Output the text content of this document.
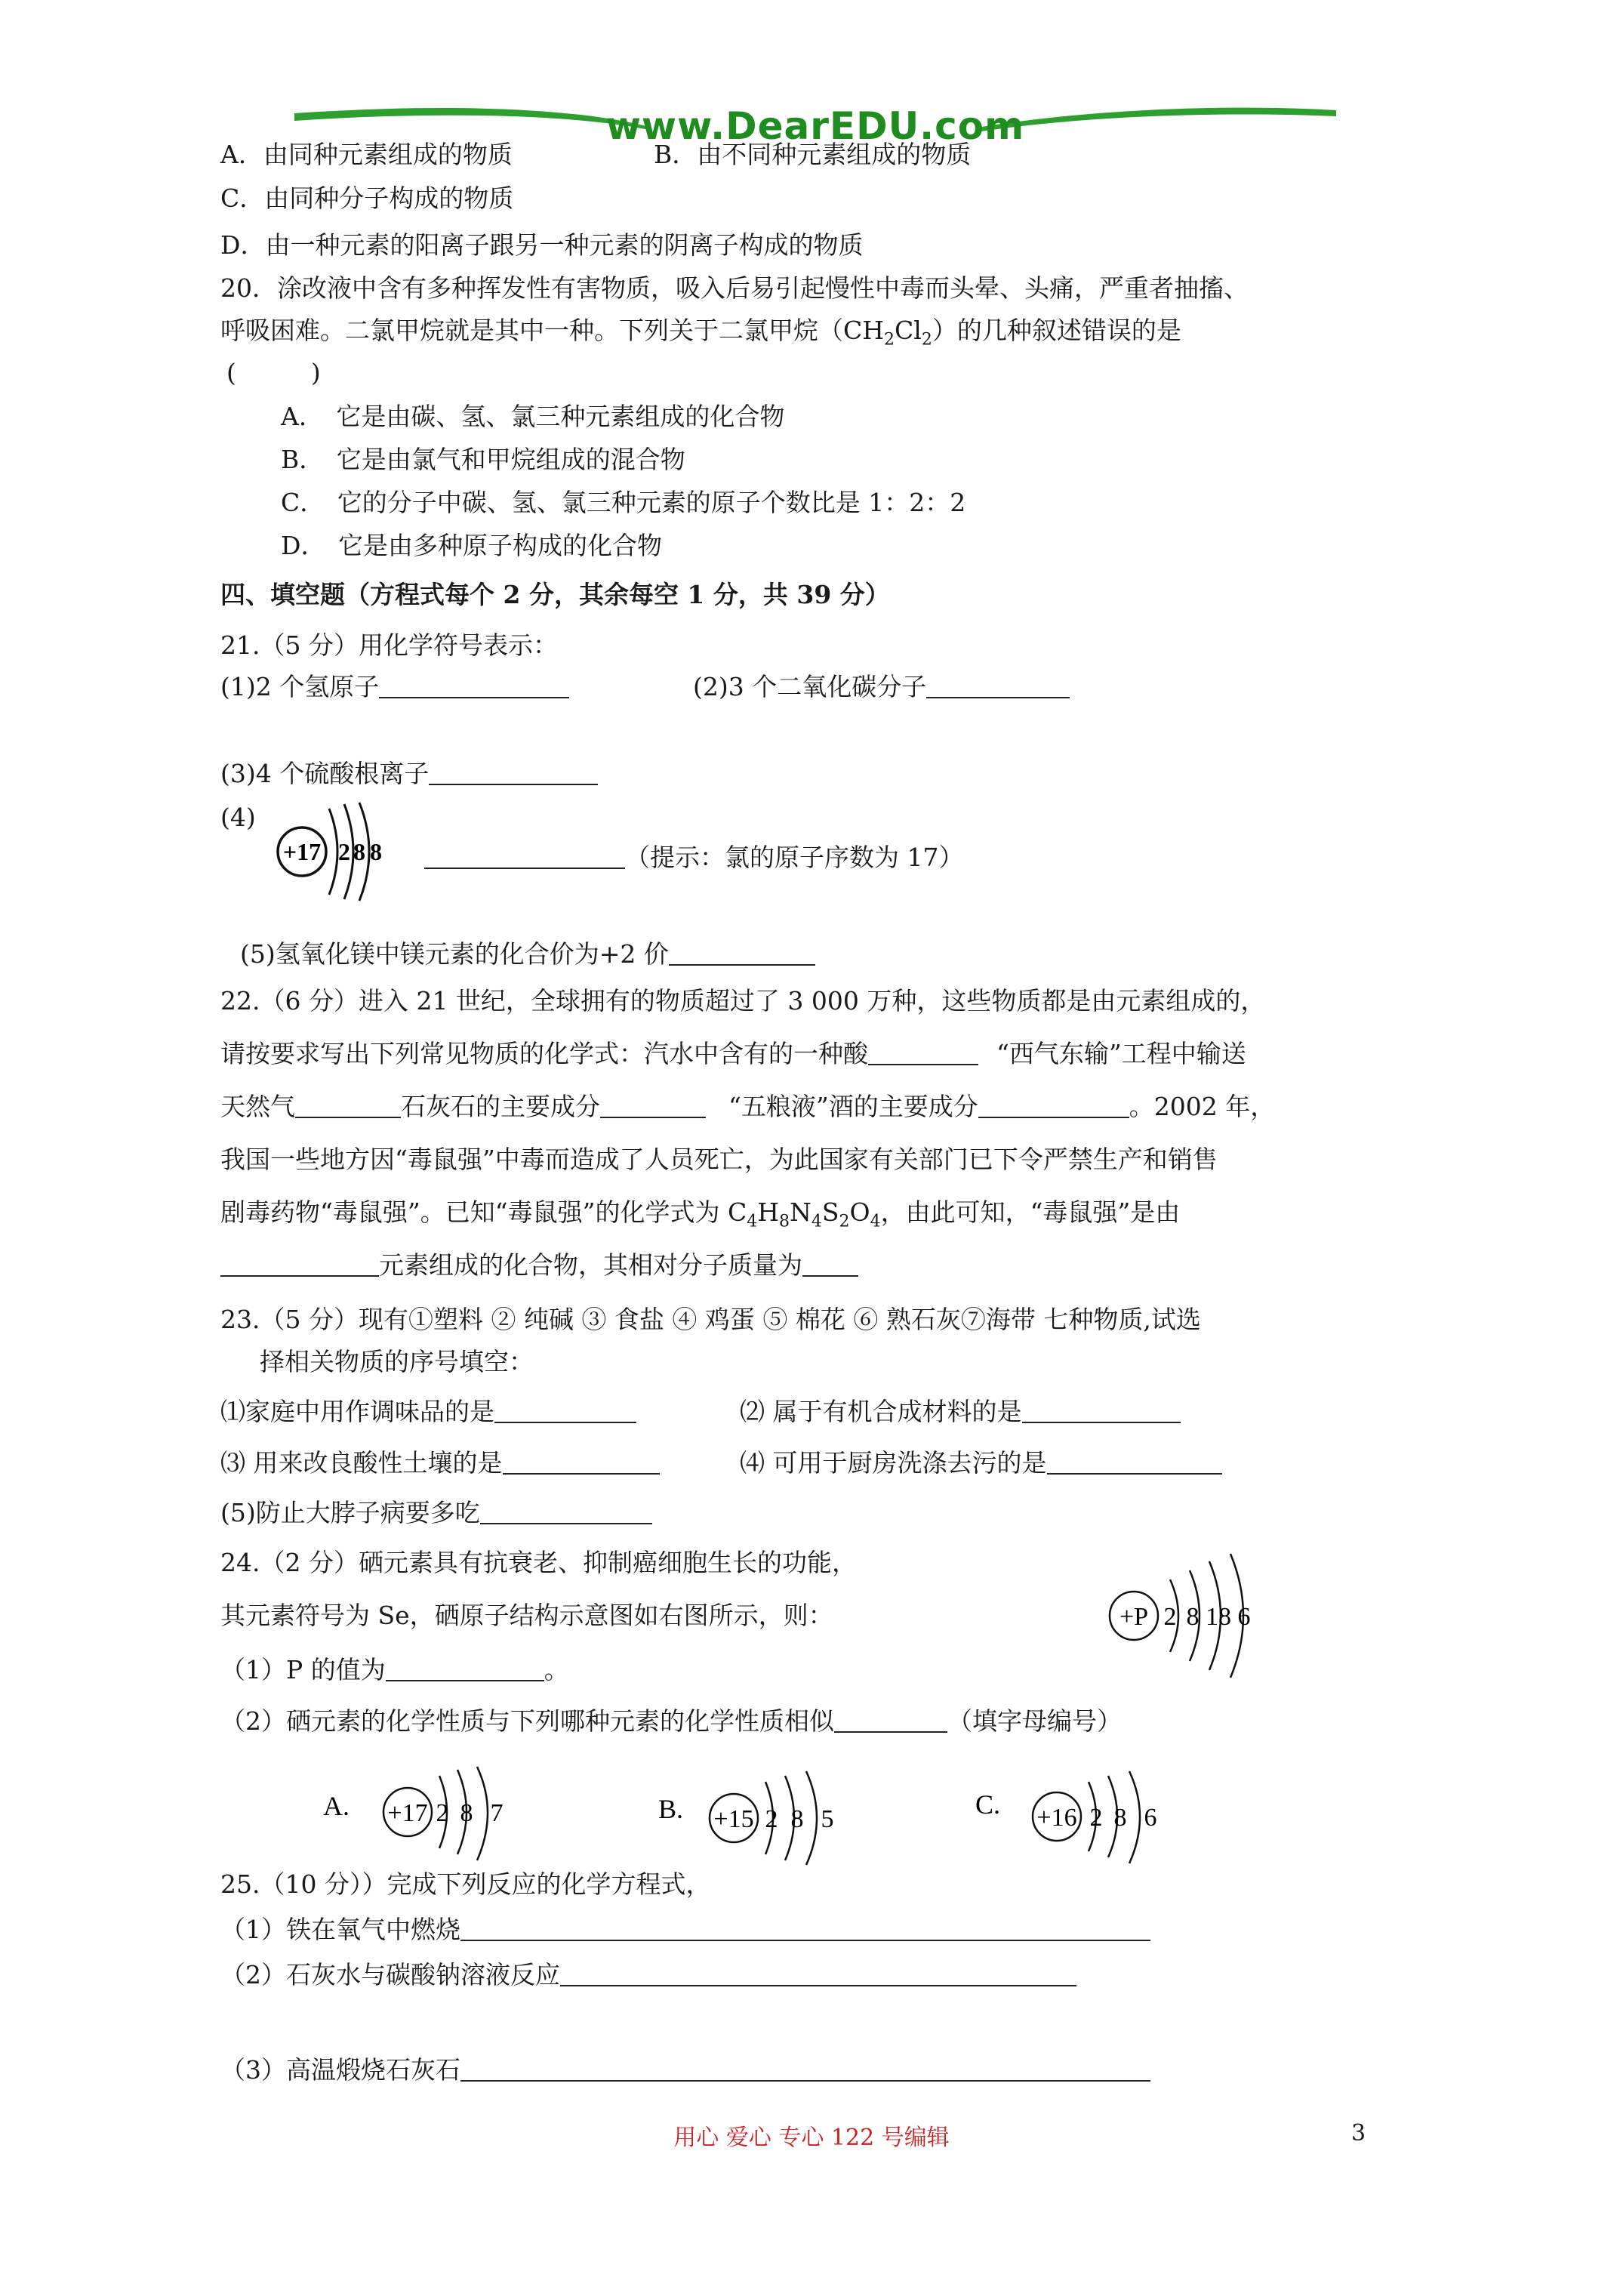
www.DearEDU.com
A．由同种元素组成的物质	B．由不同种元素组成的物质
C．由同种分子构成的物质
D．由一种元素的阳离子跟另一种元素的阴离子构成的物质
20．涂改液中含有多种挥发性有害物质，吸入后易引起慢性中毒而头晕、头痛，严重者抽搐、
呼吸困难。二氯甲烷就是其中一种。下列关于二氯甲烷$(CH_2Cl_2)$的几种叙述错误的是
(　　　)
A．　它是由碳、氢、氯三种元素组成的化合物
B．　它是由氯气和甲烷组成的混合物
C．　它的分子中碳、氢、氯三种元素的原子个数比是 1：2：2
D．　它是由多种原子构成的化合物
四、填空题（方程式每个 2 分，其余每空 1 分，共 39 分）
21.（5 分）用化学符号表示：
(1)2 个氢原子	(2)3 个二氧化碳分子
(3)4 个硫酸根离子
(4)
+17 2 8 8	（提示：氯的原子序数为 17）
(5)氢氧化镁中镁元素的化合价为+2 价
22.（6 分）进入 21 世纪，全球拥有的物质超过了 3 000 万种，这些物质都是由元素组成的，
请按要求写出下列常见物质的化学式：汽水中含有的一种酸	“西气东输”工程中输送
天然气	石灰石的主要成分	“五粮液”酒的主要成分	。2002 年，
我国一些地方因“毒鼠强”中毒而造成了人员死亡，为此国家有关部门已下令严禁生产和销售
剧毒药物“毒鼠强”。已知“毒鼠强”的化学式为 $C_4H_8N_4S_2O_4$，由此可知，“毒鼠强”是由
元素组成的化合物，其相对分子质量为
23.（5 分）现有①塑料 ② 纯碱 ③ 食盐 ④ 鸡蛋 ⑤ 棉花 ⑥ 熟石灰⑦海带 七种物质,试选
择相关物质的序号填空：
⑴家庭中用作调味品的是	⑵ 属于有机合成材料的是
⑶ 用来改良酸性土壤的是	⑷ 可用于厨房洗涤去污的是
(5)防止大脖子病要多吃
24.（2 分）硒元素具有抗衰老、抑制癌细胞生长的功能，
其元素符号为 Se，硒原子结构示意图如右图所示，则：	+P 2 8 18 6
（1）P 的值为	。
（2）硒元素的化学性质与下列哪种元素的化学性质相似	（填字母编号）
A. +17 2 8 7	B. +15 2 8 5	C. +16 2 8 6
25.（10 分））完成下列反应的化学方程式，
（1）铁在氧气中燃烧
（2）石灰水与碳酸钠溶液反应
（3）高温煅烧石灰石
用心 爱心 专心 122 号编辑	3
